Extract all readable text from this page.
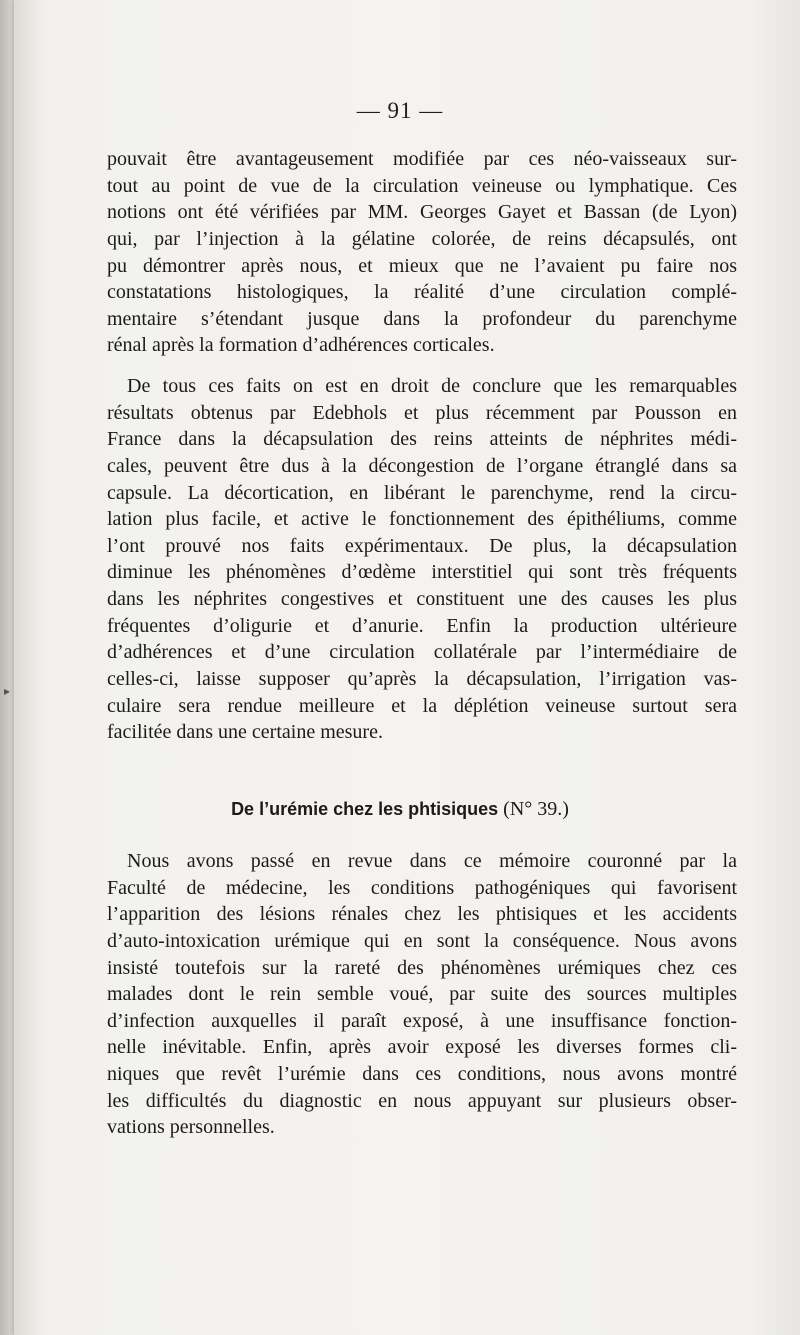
— 91 —
pouvait être avantageusement modifiée par ces néo-vaisseaux sur-
tout au point de vue de la circulation veineuse ou lymphatique. Ces
notions ont été vérifiées par MM. Georges Gayet et Bassan (de Lyon)
qui, par l’injection à la gélatine colorée, de reins décapsulés, ont
pu démontrer après nous, et mieux que ne l’avaient pu faire nos
constatations histologiques, la réalité d’une circulation complé-
mentaire s’étendant jusque dans la profondeur du parenchyme
rénal après la formation d’adhérences corticales.
De tous ces faits on est en droit de conclure que les remarquables
résultats obtenus par Edebhols et plus récemment par Pousson en
France dans la décapsulation des reins atteints de néphrites médi-
cales, peuvent être dus à la décongestion de l’organe étranglé dans sa
capsule. La décortication, en libérant le parenchyme, rend la circu-
lation plus facile, et active le fonctionnement des épithéliums, comme
l’ont prouvé nos faits expérimentaux. De plus, la décapsulation
diminue les phénomènes d’œdème interstitiel qui sont très fréquents
dans les néphrites congestives et constituent une des causes les plus
fréquentes d’oligurie et d’anurie. Enfin la production ultérieure
d’adhérences et d’une circulation collatérale par l’intermédiaire de
celles-ci, laisse supposer qu’après la décapsulation, l’irrigation vas-
culaire sera rendue meilleure et la déplétion veineuse surtout sera
facilitée dans une certaine mesure.
De l’urémie chez les phtisiques (N° 39.)
Nous avons passé en revue dans ce mémoire couronné par la
Faculté de médecine, les conditions pathogéniques qui favorisent
l’apparition des lésions rénales chez les phtisiques et les accidents
d’auto-intoxication urémique qui en sont la conséquence. Nous avons
insisté toutefois sur la rareté des phénomènes urémiques chez ces
malades dont le rein semble voué, par suite des sources multiples
d’infection auxquelles il paraît exposé, à une insuffisance fonction-
nelle inévitable. Enfin, après avoir exposé les diverses formes cli-
niques que revêt l’urémie dans ces conditions, nous avons montré
les difficultés du diagnostic en nous appuyant sur plusieurs obser-
vations personnelles.
▸
